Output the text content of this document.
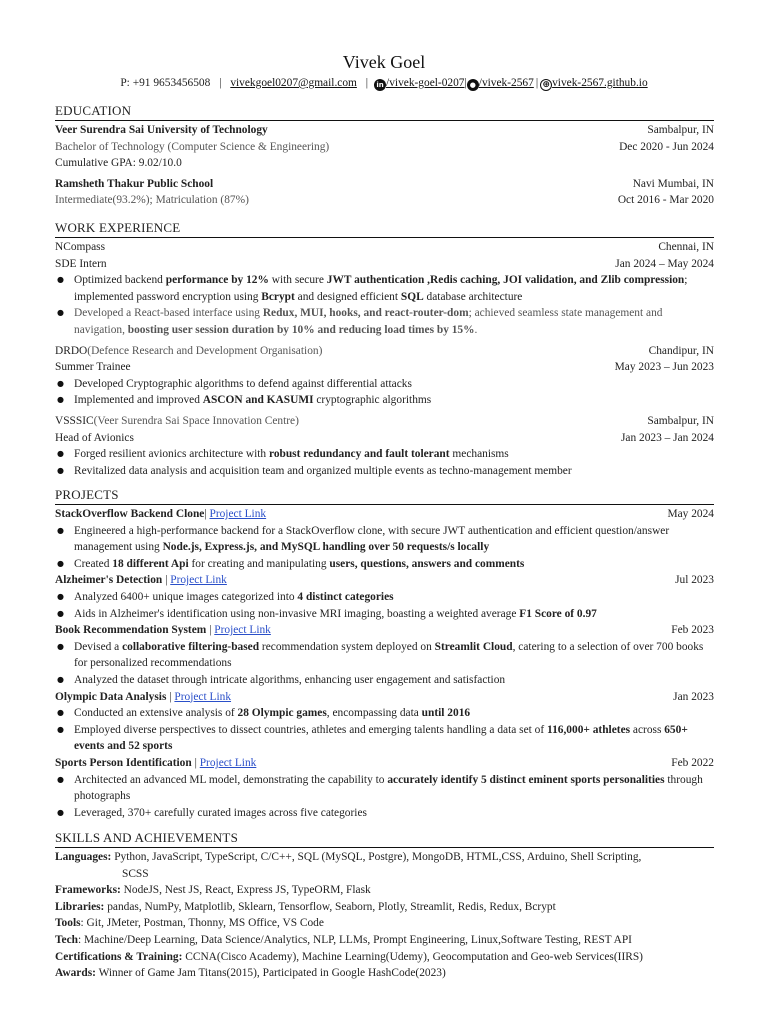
Vivek Goel
P: +91 9653456508 | vivekgoel0207@gmail.com | in /vivek-goel-0207| ● /vivek-2567 | ⊕ vivek-2567.github.io
EDUCATION
Veer Surendra Sai University of Technology	Sambalpur, IN
Bachelor of Technology (Computer Science & Engineering)	Dec 2020 - Jun 2024
Cumulative GPA: 9.02/10.0
Ramsheth Thakur Public School	Navi Mumbai, IN
Intermediate(93.2%); Matriculation (87%)	Oct 2016 - Mar 2020
WORK EXPERIENCE
NCompass	Chennai, IN
SDE Intern	Jan 2024 – May 2024
● Optimized backend performance by 12% with secure JWT authentication ,Redis caching, JOI validation, and Zlib compression; implemented password encryption using Bcrypt and designed efficient SQL database architecture
● Developed a React-based interface using Redux, MUI, hooks, and react-router-dom; achieved seamless state management and navigation, boosting user session duration by 10% and reducing load times by 15%.
DRDO(Defence Research and Development Organisation)	Chandipur, IN
Summer Trainee	May 2023 – Jun 2023
● Developed Cryptographic algorithms to defend against differential attacks
● Implemented and improved ASCON and KASUMI cryptographic algorithms
VSSSIC(Veer Surendra Sai Space Innovation Centre)	Sambalpur, IN
Head of Avionics	Jan 2023 – Jan 2024
● Forged resilient avionics architecture with robust redundancy and fault tolerant mechanisms
● Revitalized data analysis and acquisition team and organized multiple events as techno-management member
PROJECTS
StackOverflow Backend Clone| Project Link	May 2024
● Engineered a high-performance backend for a StackOverflow clone, with secure JWT authentication and efficient question/answer management using Node.js, Express.js, and MySQL handling over 50 requests/s locally
● Created 18 different Api for creating and manipulating users, questions, answers and comments
Alzheimer's Detection | Project Link	Jul 2023
● Analyzed 6400+ unique images categorized into 4 distinct categories
● Aids in Alzheimer's identification using non-invasive MRI imaging, boasting a weighted average F1 Score of 0.97
Book Recommendation System | Project Link	Feb 2023
● Devised a collaborative filtering-based recommendation system deployed on Streamlit Cloud, catering to a selection of over 700 books for personalized recommendations
● Analyzed the dataset through intricate algorithms, enhancing user engagement and satisfaction
Olympic Data Analysis | Project Link	Jan 2023
● Conducted an extensive analysis of 28 Olympic games, encompassing data until 2016
● Employed diverse perspectives to dissect countries, athletes and emerging talents handling a data set of 116,000+ athletes across 650+ events and 52 sports
Sports Person Identification | Project Link	Feb 2022
● Architected an advanced ML model, demonstrating the capability to accurately identify 5 distinct eminent sports personalities through photographs
● Leveraged, 370+ carefully curated images across five categories
SKILLS AND ACHIEVEMENTS
Languages: Python, JavaScript, TypeScript, C/C++, SQL (MySQL, Postgre), MongoDB, HTML,CSS, Arduino, Shell Scripting,
SCSS
Frameworks: NodeJS, Nest JS, React, Express JS, TypeORM, Flask
Libraries: pandas, NumPy, Matplotlib, Sklearn, Tensorflow, Seaborn, Plotly, Streamlit, Redis, Redux, Bcrypt
Tools: Git, JMeter, Postman, Thonny, MS Office, VS Code
Tech: Machine/Deep Learning, Data Science/Analytics, NLP, LLMs, Prompt Engineering, Linux,Software Testing, REST API
Certifications & Training: CCNA(Cisco Academy), Machine Learning(Udemy), Geocomputation and Geo-web Services(IIRS)
Awards: Winner of Game Jam Titans(2015), Participated in Google HashCode(2023)
